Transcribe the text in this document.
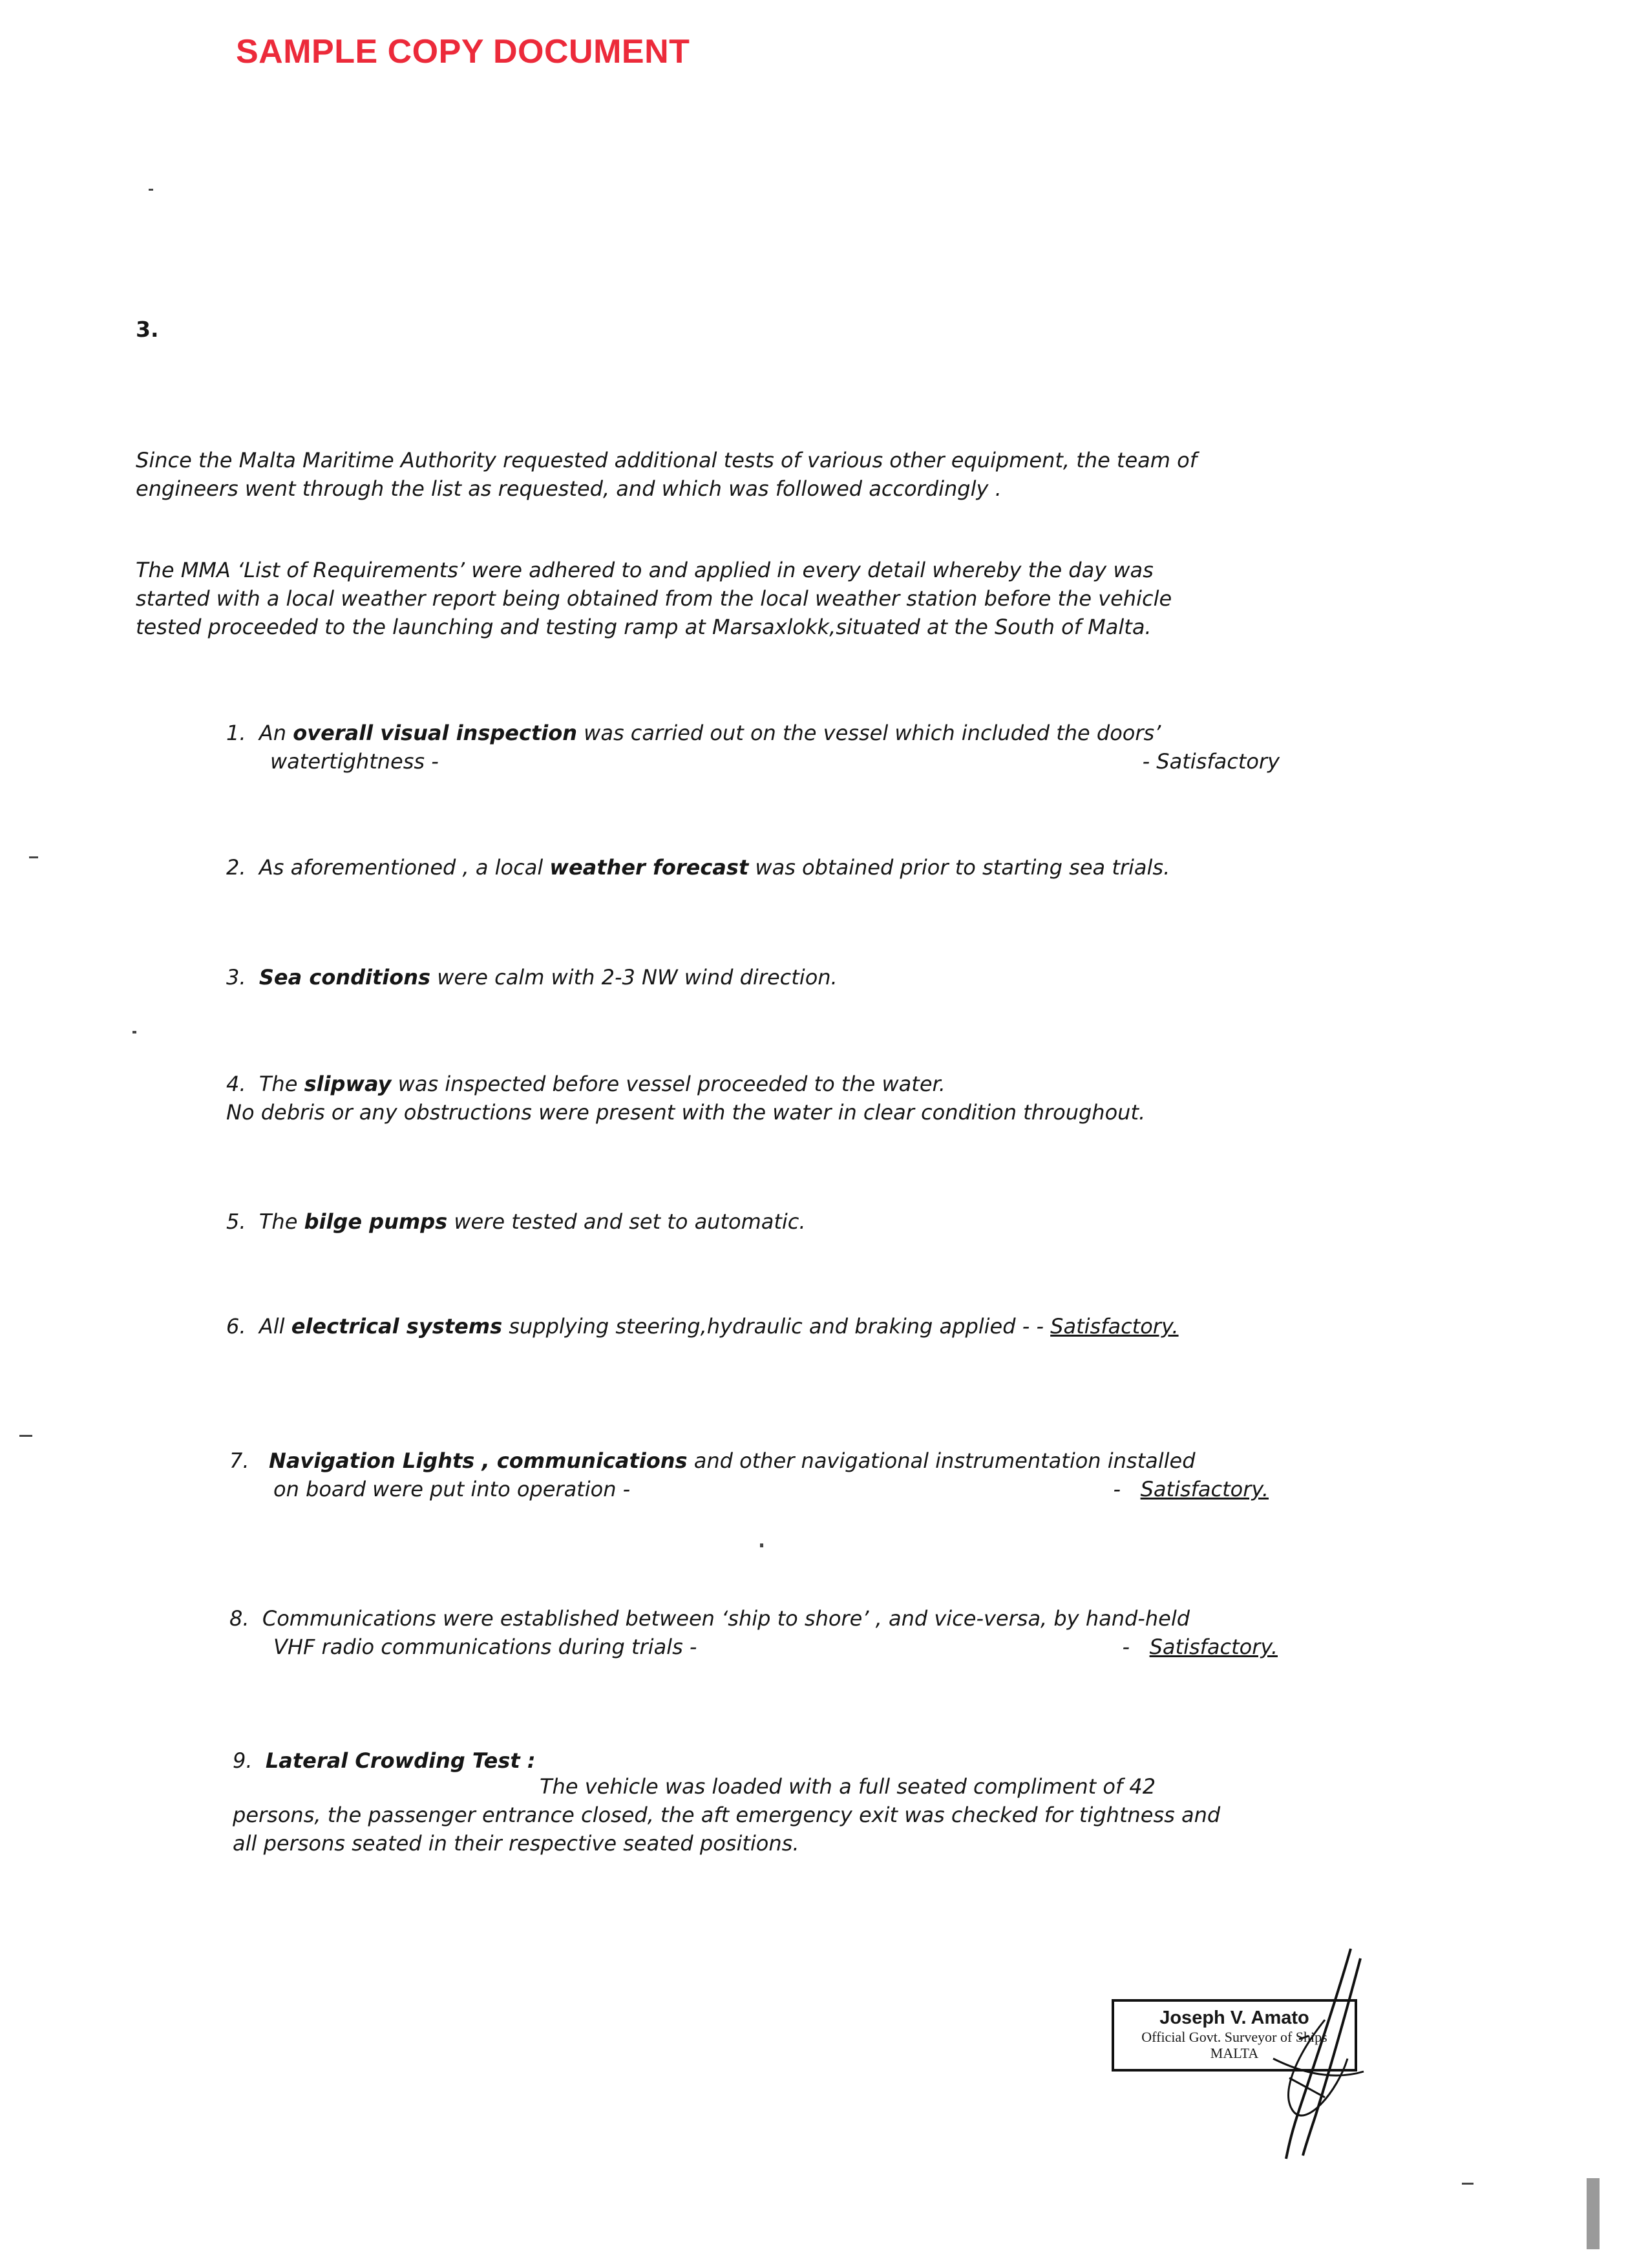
SAMPLE COPY DOCUMENT
3.
Since the Malta Maritime Authority requested additional tests of various other equipment, the team of
engineers went through the list as requested, and which was followed accordingly .
The MMA ‘List of Requirements’ were adhered to and applied in every detail whereby the day was
started with a local weather report being obtained from the local weather station before the vehicle
tested proceeded to the launching and testing ramp at Marsaxlokk,situated at the South of Malta.
1. An overall visual inspection was carried out on the vessel which included the doors’
watertightness -	- Satisfactory
2. As aforementioned , a local weather forecast was obtained prior to starting sea trials.
3. Sea conditions were calm with 2-3 NW wind direction.
4. The slipway was inspected before vessel proceeded to the water.
No debris or any obstructions were present with the water in clear condition throughout.
5. The bilge pumps were tested and set to automatic.
6. All electrical systems supplying steering,hydraulic and braking applied - - Satisfactory.
7. Navigation Lights , communications and other navigational instrumentation installed
on board were put into operation -	- Satisfactory.
8. Communications were established between ‘ship to shore’ , and vice-versa, by hand-held
VHF radio communications during trials -	- Satisfactory.
9. Lateral Crowding Test :
The vehicle was loaded with a full seated compliment of 42
persons, the passenger entrance closed, the aft emergency exit was checked for tightness and
all persons seated in their respective seated positions.
Joseph V. Amato
Official Govt. Surveyor of Ships
MALTA
